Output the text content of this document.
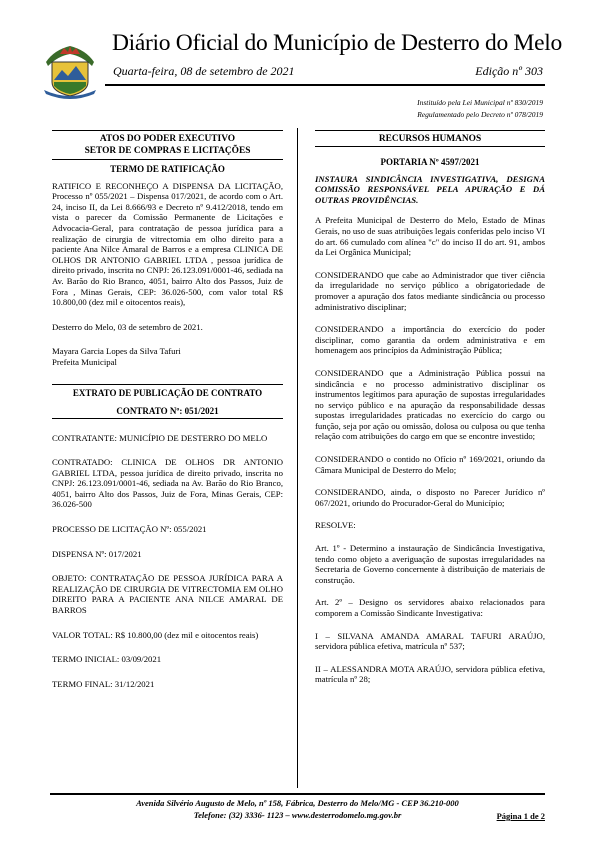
Diário Oficial do Município de Desterro do Melo
Quarta-feira, 08 de setembro de 2021	Edição nº 303
Instituído pela Lei Municipal nº 830/2019
Regulamentado pelo Decreto nº 078/2019
ATOS DO PODER EXECUTIVO
SETOR DE COMPRAS E LICITAÇÕES

TERMO DE RATIFICAÇÃO

RATIFICO E RECONHEÇO A DISPENSA DA LICITAÇÃO, Processo nº 055/2021 – Dispensa 017/2021, de acordo com o Art. 24, inciso II, da Lei 8.666/93 e Decreto nº 9.412/2018, tendo em vista o parecer da Comissão Permanente de Licitações e Advocacia-Geral, para contratação de pessoa jurídica para a realização de cirurgia de vitrectomia em olho direito para a paciente Ana Nilce Amaral de Barros e a empresa CLINICA DE OLHOS DR ANTONIO GABRIEL LTDA , pessoa jurídica de direito privado, inscrita no CNPJ: 26.123.091/0001-46, sediada na Av. Barão do Rio Branco, 4051, bairro Alto dos Passos, Juiz de Fora , Minas Gerais, CEP: 36.026-500, com valor total R$ 10.800,00 (dez mil e oitocentos reais),

Desterro do Melo, 03 de setembro de 2021.

Mayara Garcia Lopes da Silva Tafuri

Prefeita Municipal

EXTRATO DE PUBLICAÇÃO DE CONTRATO
CONTRATO Nº: 051/2021

CONTRATANTE: MUNICÍPIO DE DESTERRO DO MELO

CONTRATADO: CLINICA DE OLHOS DR ANTONIO GABRIEL LTDA, pessoa jurídica de direito privado, inscrita no CNPJ: 26.123.091/0001-46, sediada na Av. Barão do Rio Branco, 4051, bairro Alto dos Passos, Juiz de Fora, Minas Gerais, CEP: 36.026-500

PROCESSO DE LICITAÇÃO Nº: 055/2021

DISPENSA Nº: 017/2021

OBJETO: CONTRATAÇÃO DE PESSOA JURÍDICA PARA A REALIZAÇÃO DE CIRURGIA DE VITRECTOMIA EM OLHO DIREITO PARA A PACIENTE ANA NILCE AMARAL DE BARROS

VALOR TOTAL: R$ 10.800,00 (dez mil e oitocentos reais)

TERMO INICIAL: 03/09/2021

TERMO FINAL: 31/12/2021

RECURSOS HUMANOS

PORTARIA Nº 4597/2021

INSTAURA SINDICÂNCIA INVESTIGATIVA, DESIGNA COMISSÃO RESPONSÁVEL PELA APURAÇÃO E DÁ OUTRAS PROVIDÊNCIAS.

A Prefeita Municipal de Desterro do Melo, Estado de Minas Gerais, no uso de suas atribuições legais conferidas pelo inciso VI do art. 66 cumulado com alínea "c" do inciso II do art. 91, ambos da Lei Orgânica Municipal;

CONSIDERANDO que cabe ao Administrador que tiver ciência da irregularidade no serviço público a obrigatoriedade de promover a apuração dos fatos mediante sindicância ou processo administrativo disciplinar;

CONSIDERANDO a importância do exercício do poder disciplinar, como garantia da ordem administrativa e em homenagem aos princípios da Administração Pública;

CONSIDERANDO que a Administração Pública possui na sindicância e no processo administrativo disciplinar os instrumentos legítimos para apuração de supostas irregularidades no serviço público e na apuração da responsabilidade dessas supostas irregularidades praticadas no exercício do cargo ou função, seja por ação ou omissão, dolosa ou culposa ou que tenha relação com atribuições do cargo em que se encontre investido;

CONSIDERANDO o contido no Ofício nº 169/2021, oriundo da Câmara Municipal de Desterro do Melo;

CONSIDERANDO, ainda, o disposto no Parecer Jurídico nº 067/2021, oriundo do Procurador-Geral do Município;

RESOLVE:

Art. 1º - Determino a instauração de Sindicância Investigativa, tendo como objeto a averiguação de supostas irregularidades na Secretaria de Governo concernente à distribuição de materiais de construção.

Art. 2º – Designo os servidores abaixo relacionados para comporem a Comissão Sindicante Investigativa:

I – SILVANA AMANDA AMARAL TAFURI ARAÚJO, servidora pública efetiva, matrícula nº 537;

II – ALESSANDRA MOTA ARAÚJO, servidora pública efetiva, matrícula nº 28;

Avenida Silvério Augusto de Melo, nº 158, Fábrica, Desterro do Melo/MG - CEP 36.210-000
Telefone: (32) 3336- 1123 – www.desterrodomelo.mg.gov.br	Página 1 de 2
